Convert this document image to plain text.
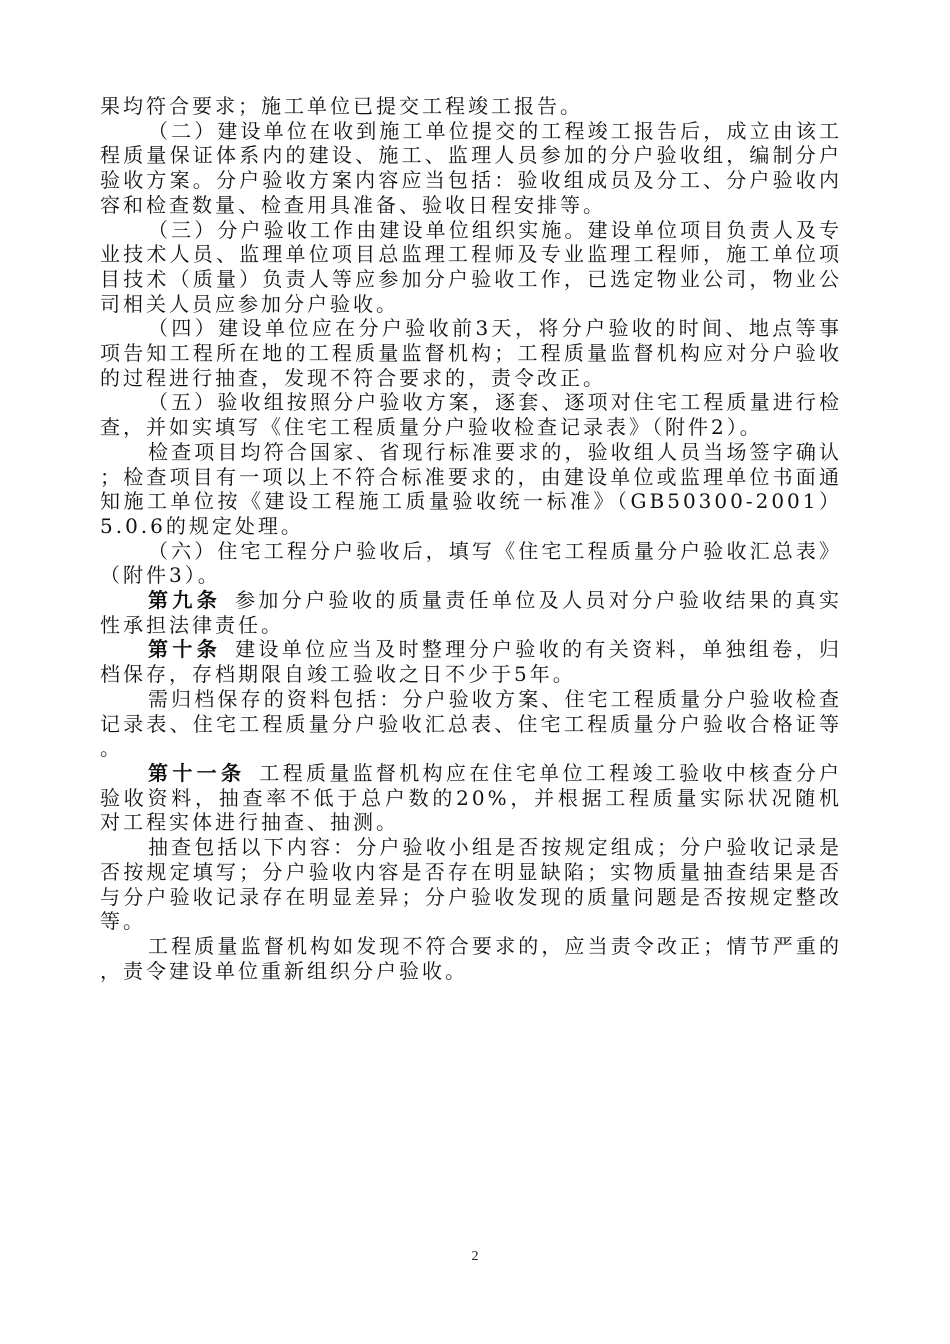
果均符合要求；施工单位已提交工程竣工报告。

（二）建设单位在收到施工单位提交的工程竣工报告后，成立由该工程质量保证体系内的建设、施工、监理人员参加的分户验收组，编制分户验收方案。分户验收方案内容应当包括：验收组成员及分工、分户验收内容和检查数量、检查用具准备、验收日程安排等。

（三）分户验收工作由建设单位组织实施。建设单位项目负责人及专业技术人员、监理单位项目总监理工程师及专业监理工程师，施工单位项目技术（质量）负责人等应参加分户验收工作，已选定物业公司，物业公司相关人员应参加分户验收。

（四）建设单位应在分户验收前3天，将分户验收的时间、地点等事项告知工程所在地的工程质量监督机构；工程质量监督机构应对分户验收的过程进行抽查，发现不符合要求的，责令改正。

（五）验收组按照分户验收方案，逐套、逐项对住宅工程质量进行检查，并如实填写《住宅工程质量分户验收检查记录表》（附件2）。

检查项目均符合国家、省现行标准要求的，验收组人员当场签字确认；检查项目有一项以上不符合标准要求的，由建设单位或监理单位书面通知施工单位按《建设工程施工质量验收统一标准》（GB50300-2001）5.0.6的规定处理。

（六）住宅工程分户验收后，填写《住宅工程质量分户验收汇总表》（附件3）。

第九条 参加分户验收的质量责任单位及人员对分户验收结果的真实性承担法律责任。

第十条 建设单位应当及时整理分户验收的有关资料，单独组卷，归档保存，存档期限自竣工验收之日不少于5年。

需归档保存的资料包括：分户验收方案、住宅工程质量分户验收检查记录表、住宅工程质量分户验收汇总表、住宅工程质量分户验收合格证等。

第十一条 工程质量监督机构应在住宅单位工程竣工验收中核查分户验收资料，抽查率不低于总户数的20%，并根据工程质量实际状况随机对工程实体进行抽查、抽测。

抽查包括以下内容：分户验收小组是否按规定组成；分户验收记录是否按规定填写；分户验收内容是否存在明显缺陷；实物质量抽查结果是否与分户验收记录存在明显差异；分户验收发现的质量问题是否按规定整改等。

工程质量监督机构如发现不符合要求的，应当责令改正；情节严重的，责令建设单位重新组织分户验收。

2
